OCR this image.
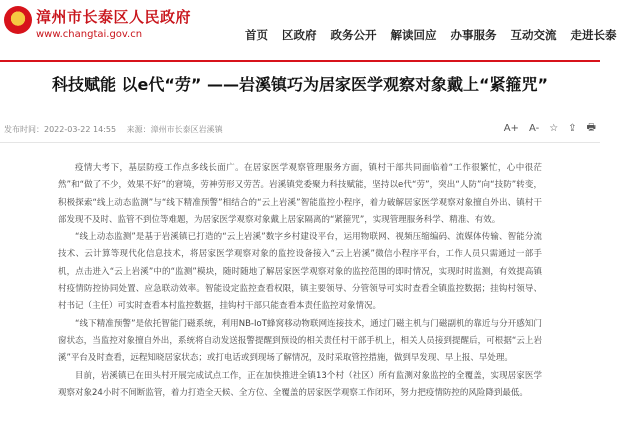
漳州市长泰区人民政府
www.changtai.gov.cn	首页 区政府 政务公开 解读回应 办事服务 互动交流 走进长泰
科技赋能 以e代“劳” ——岩溪镇巧为居家医学观察对象戴上“紧箍咒”
发布时间：2022-03-22 14:55 来源：漳州市长泰区岩溪镇	A+ A- ☆ ⇪ 🖶

疫情大考下，基层防疫工作点多线长面广。在居家医学观察管理服务方面，镇村干部共同面临着“工作很繁忙，心中很茫然”和“做了不少，效果不好”的窘境，劳神劳形又劳苦。岩溪镇党委聚力科技赋能，坚持以e代“劳”，突出“人防”向“技防”转变，积极探索“线上动态监测”与“线下精准预警”相结合的“云上岩溪”智能监控小程序，着力破解居家医学观察对象擅自外出、镇村干部发现不及时、监管不到位等难题，为居家医学观察对象戴上居家隔离的“紧箍咒”，实现管理服务科学、精准、有效。

“线上动态监测”是基于岩溪镇已打造的“云上岩溪”数字乡村建设平台，运用物联网、视频压缩编码、流媒体传输、智能分流技术、云计算等现代化信息技术，将居家医学观察对象的监控设备接入“云上岩溪”微信小程序平台，工作人员只需通过一部手机，点击进入“云上岩溪”中的“监测”模块，随时随地了解居家医学观察对象的监控范围的即时情况，实现时时监测，有效提高镇村疫情防控协同处置、应急联动效率。智能设定监控查看权限，镇主要领导、分管领导可实时查看全镇监控数据；挂钩村领导、村书记（主任）可实时查看本村监控数据，挂钩村干部只能查看本责任监控对象情况。

“线下精准预警”是依托智能门磁系统，利用NB-IoT蜂窝移动物联网连接技术，通过门磁主机与门磁副机的靠近与分开感知门窗状态，当监控对象擅自外出，系统将自动发送报警提醒到预设的相关责任村干部手机上，相关人员接到提醒后，可根据“云上岩溪”平台及时查看，远程知晓居家状态；或打电话或到现场了解情况，及时采取管控措施，做到早发现、早上报、早处理。

目前，岩溪镇已在田头村开展完成试点工作，正在加快推进全镇13个村（社区）所有监测对象监控的全覆盖，实现居家医学观察对象24小时不间断监管，着力打造全天候、全方位、全覆盖的居家医学观察工作闭环，努力把疫情防控的风险降到最低。
